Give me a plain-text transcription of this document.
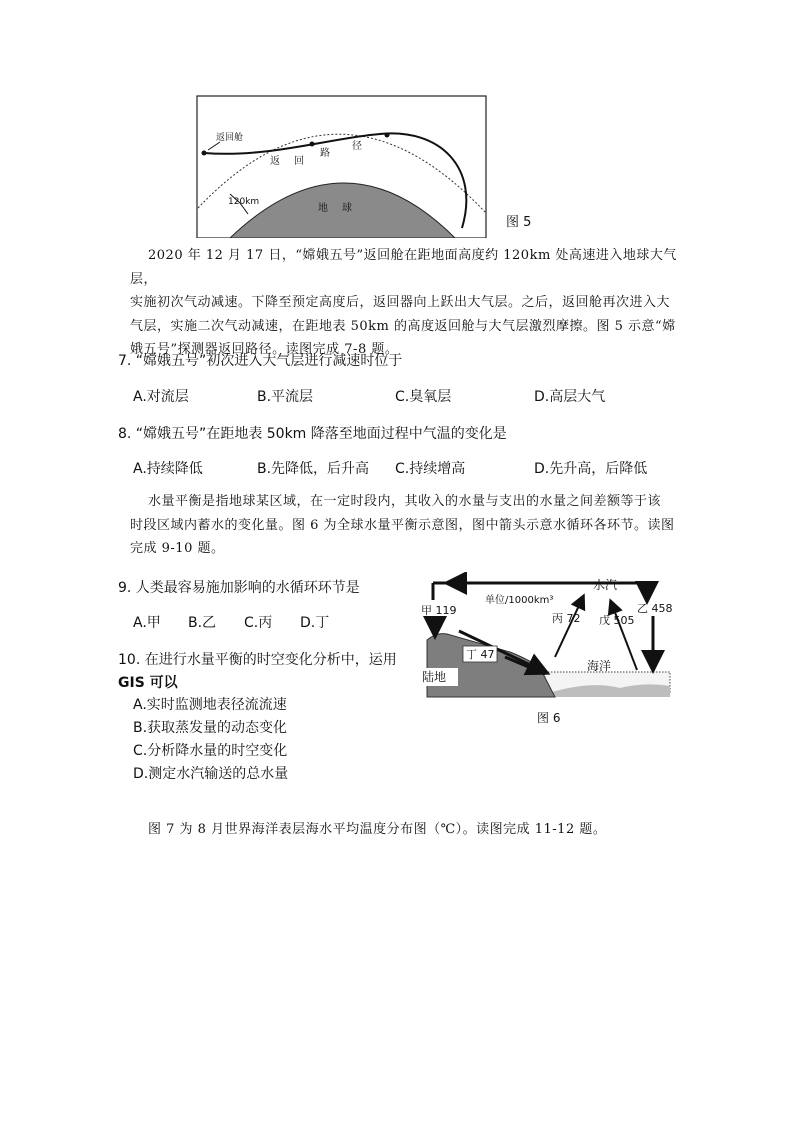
返回舱
返 回
路
径
120km
地 球
图 5
2020 年 12 月 17 日，“嫦娥五号”返回舱在距地面高度约 120km 处高速进入地球大气层，
实施初次气动减速。下降至预定高度后，返回器向上跃出大气层。之后，返回舱再次进入大
气层，实施二次气动减速，在距地表 50km 的高度返回舱与大气层激烈摩擦。图 5 示意“嫦
娥五号”探测器返回路径。读图完成 7-8 题。
7. “嫦娥五号”初次进入大气层进行减速时位于
A.对流层	B.平流层	C.臭氧层	D.高层大气
8. “嫦娥五号”在距地表 50km 降落至地面过程中气温的变化是
A.持续降低	B.先降低，后升高 C.持续增高	D.先升高，后降低
水量平衡是指地球某区域，在一定时段内，其收入的水量与支出的水量之间差额等于该
时段区域内蓄水的变化量。图 6 为全球水量平衡示意图，图中箭头示意水循环各环节。读图
完成 9-10 题。
9. 人类最容易施加影响的水循环环节是
A.甲 B.乙 C.丙 D.丁
10. 在进行水量平衡的时空变化分析中，运用
GIS 可以
A.实时监测地表径流流速
B.获取蒸发量的动态变化
C.分析降水量的时空变化
D.测定水汽输送的总水量
水汽
单位/1000km³
甲 119	乙 458
丙 72 戊 505
丁 47
陆地
海洋
图 6
图 7 为 8 月世界海洋表层海水平均温度分布图（℃）。读图完成 11-12 题。
